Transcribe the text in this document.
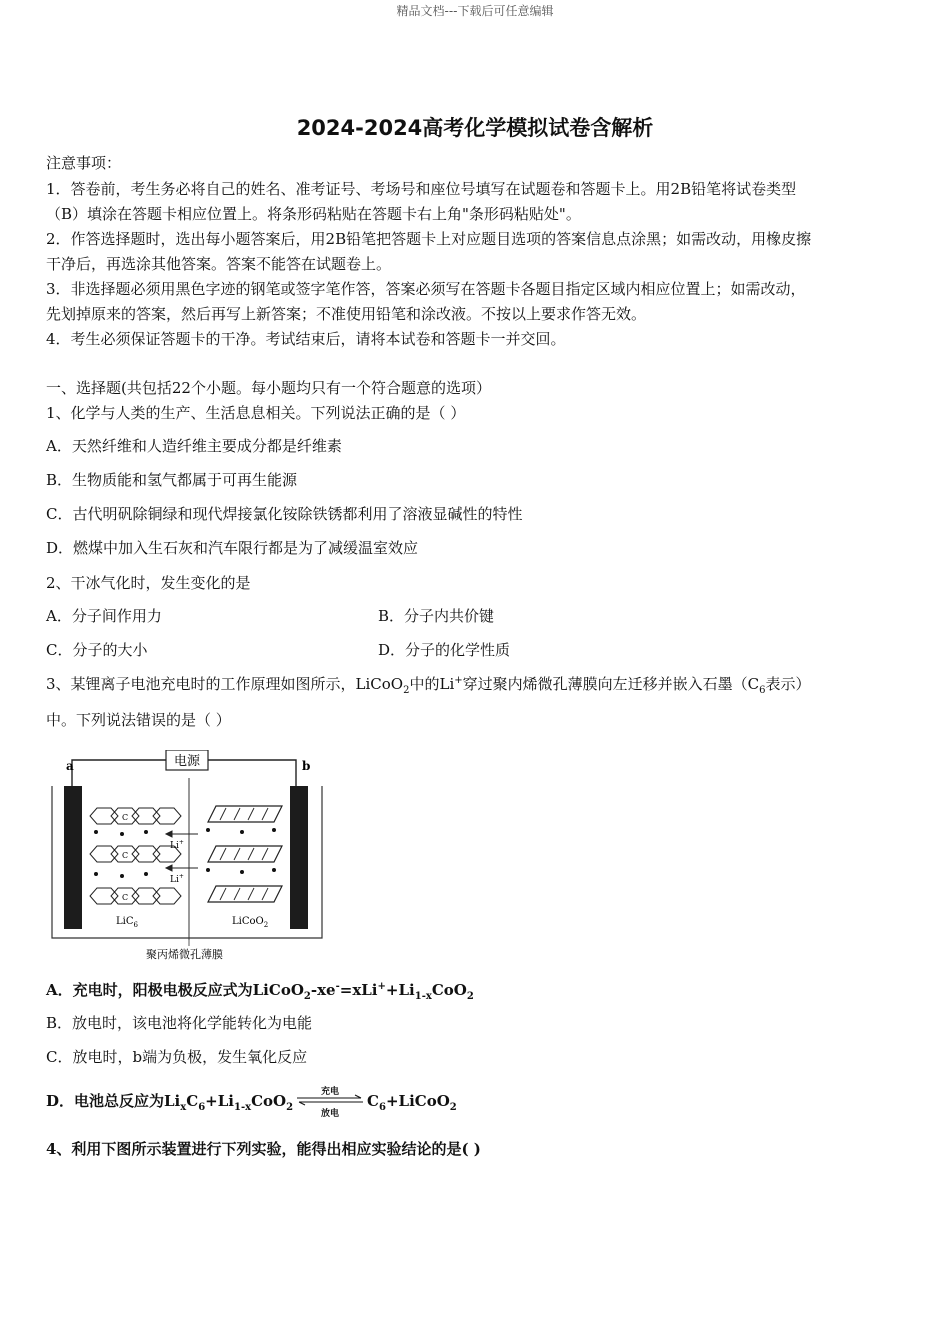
精品文档---下载后可任意编辑
2024-2024高考化学模拟试卷含解析
注意事项：
1．答卷前，考生务必将自己的姓名、准考证号、考场号和座位号填写在试题卷和答题卡上。用2B铅笔将试卷类型
（B）填涂在答题卡相应位置上。将条形码粘贴在答题卡右上角"条形码粘贴处"。
2．作答选择题时，选出每小题答案后，用2B铅笔把答题卡上对应题目选项的答案信息点涂黑；如需改动，用橡皮擦
干净后，再选涂其他答案。答案不能答在试题卷上。
3．非选择题必须用黑色字迹的钢笔或签字笔作答，答案必须写在答题卡各题目指定区域内相应位置上；如需改动，
先划掉原来的答案，然后再写上新答案；不准使用铅笔和涂改液。不按以上要求作答无效。
4．考生必须保证答题卡的干净。考试结束后，请将本试卷和答题卡一并交回。
一、选择题(共包括22个小题。每小题均只有一个符合题意的选项）
1、化学与人类的生产、生活息息相关。下列说法正确的是（ ）
A．天然纤维和人造纤维主要成分都是纤维素
B．生物质能和氢气都属于可再生能源
C．古代明矾除铜绿和现代焊接氯化铵除铁锈都利用了溶液显碱性的特性
D．燃煤中加入生石灰和汽车限行都是为了减缓温室效应
2、干冰气化时，发生变化的是
A．分子间作用力	B．分子内共价键
C．分子的大小	D．分子的化学性质
3、某锂离子电池充电时的工作原理如图所示，LiCoO$_2$中的Li+穿过聚内烯微孔薄膜向左迁移并嵌入石墨（$C_6$表示）
中。下列说法错误的是（ ）
电源
a	b
聚丙烯微孔薄膜
C
C
C
Li+
Li+
LiC$_6$	LiCoO$_2$
A．充电时，阳极电极反应式为$LiCoO_2-xe^-=xLi^++Li_{1-x}CoO_2$
B．放电时，该电池将化学能转化为电能
C．放电时，b端为负极，发生氧化反应
D．电池总反应为$Li_xC_6+Li_{1-x}CoO_2$
充电
放电
$C_6+LiCoO_2$
4、利用下图所示装置进行下列实验，能得出相应实验结论的是( )
